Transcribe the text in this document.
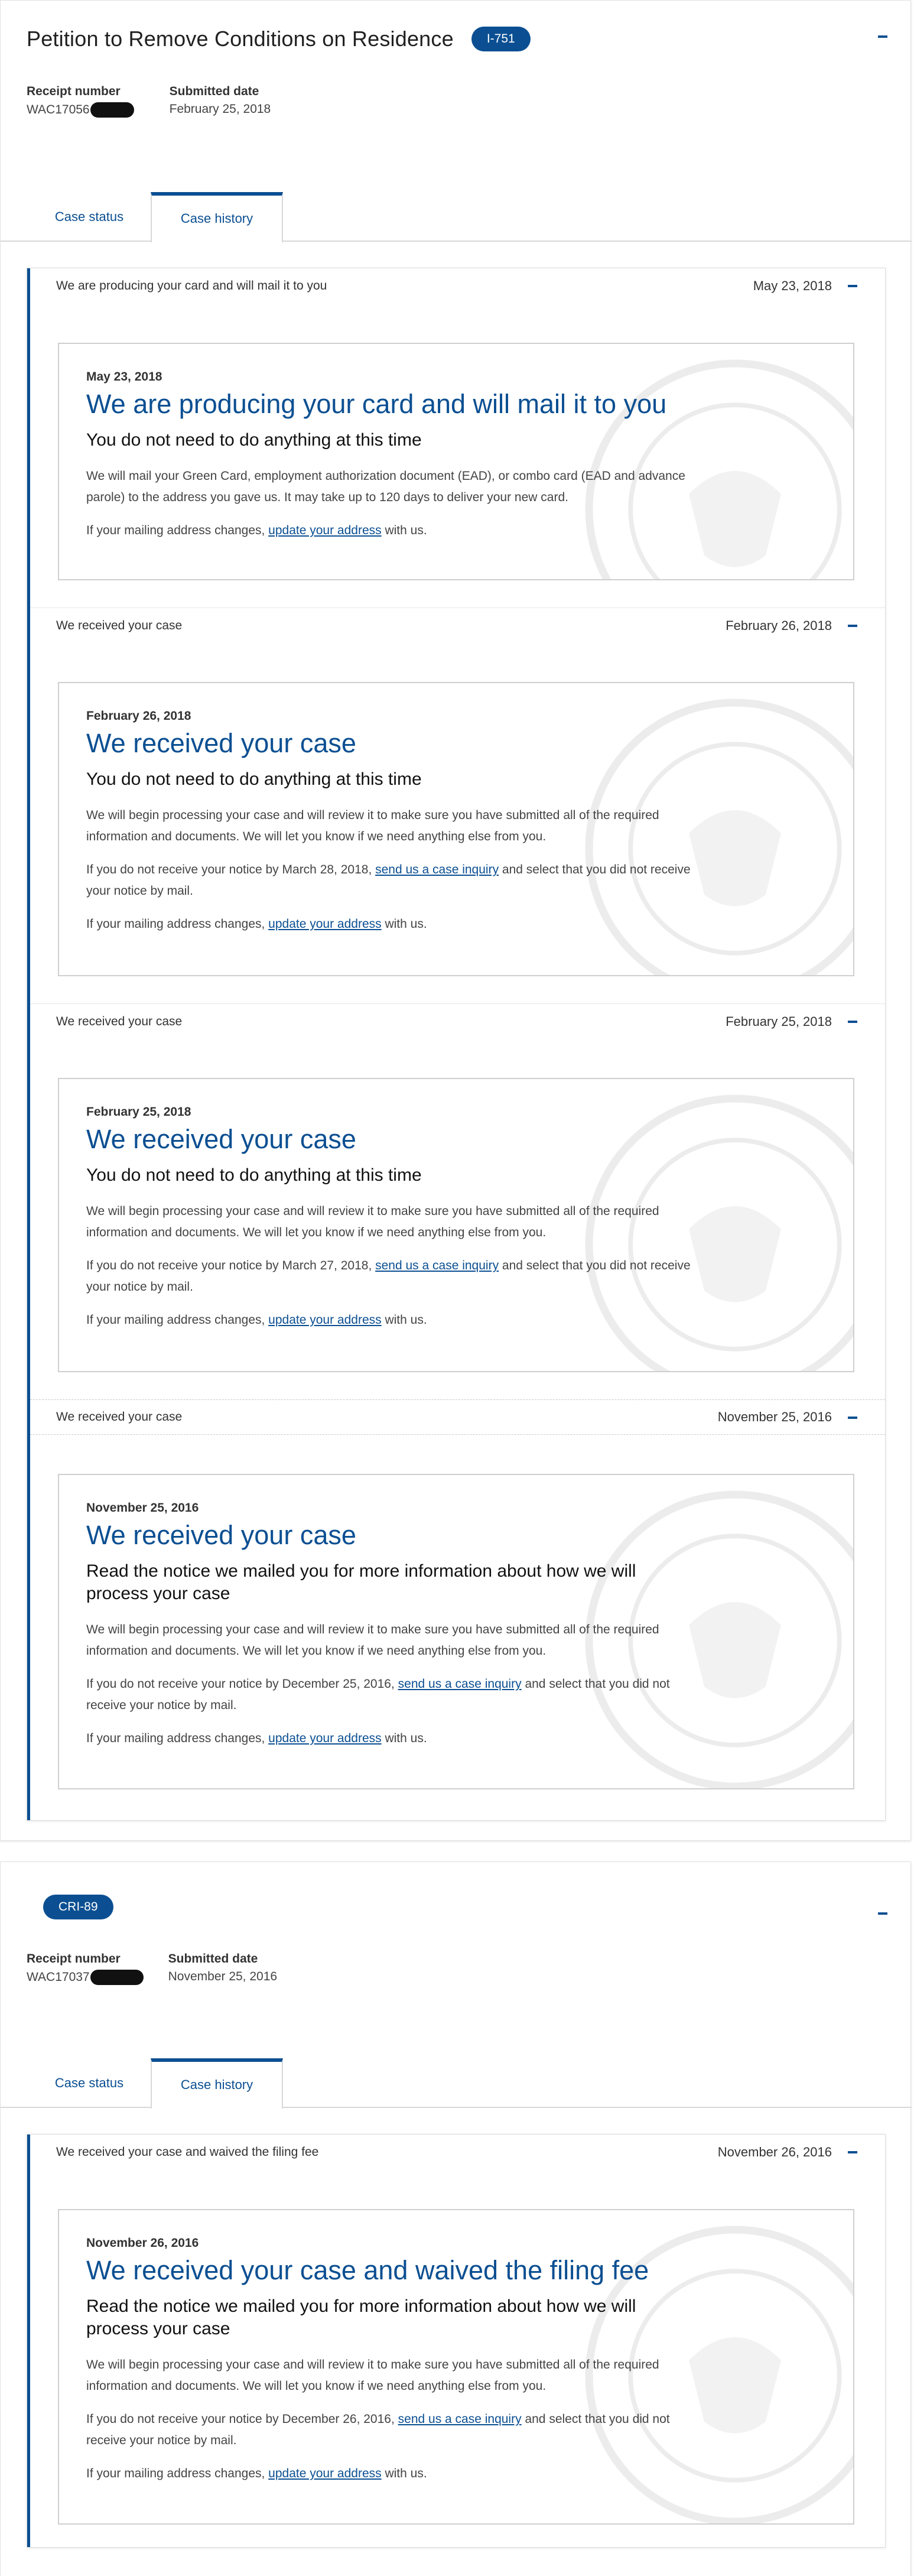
Petition to Remove Conditions on Residence	I-751
Receipt number
WAC17056
Submitted date
February 25, 2018
Case status	Case history
We are producing your card and will mail it to you	May 23, 2018
May 23, 2018
We are producing your card and will mail it to you
You do not need to do anything at this time

We will mail your Green Card, employment authorization document (EAD), or combo card (EAD and advance parole) to the address you gave us. It may take up to 120 days to deliver your new card.

If your mailing address changes, update your address with us.

We received your case	February 26, 2018
February 26, 2018
We received your case
You do not need to do anything at this time

We will begin processing your case and will review it to make sure you have submitted all of the required information and documents. We will let you know if we need anything else from you.

If you do not receive your notice by March 28, 2018, send us a case inquiry and select that you did not receive your notice by mail.

If your mailing address changes, update your address with us.

We received your case	February 25, 2018
February 25, 2018
We received your case
You do not need to do anything at this time

We will begin processing your case and will review it to make sure you have submitted all of the required information and documents. We will let you know if we need anything else from you.

If you do not receive your notice by March 27, 2018, send us a case inquiry and select that you did not receive your notice by mail.

If your mailing address changes, update your address with us.

We received your case	November 25, 2016
November 25, 2016
We received your case
Read the notice we mailed you for more information about how we will process your case

We will begin processing your case and will review it to make sure you have submitted all of the required information and documents. We will let you know if we need anything else from you.

If you do not receive your notice by December 25, 2016, send us a case inquiry and select that you did not receive your notice by mail.

If your mailing address changes, update your address with us.

CRI-89
Receipt number
WAC17037
Submitted date
November 25, 2016
Case status	Case history
We received your case and waived the filing fee	November 26, 2016
November 26, 2016
We received your case and waived the filing fee
Read the notice we mailed you for more information about how we will process your case

We will begin processing your case and will review it to make sure you have submitted all of the required information and documents. We will let you know if we need anything else from you.

If you do not receive your notice by December 26, 2016, send us a case inquiry and select that you did not receive your notice by mail.

If your mailing address changes, update your address with us.
